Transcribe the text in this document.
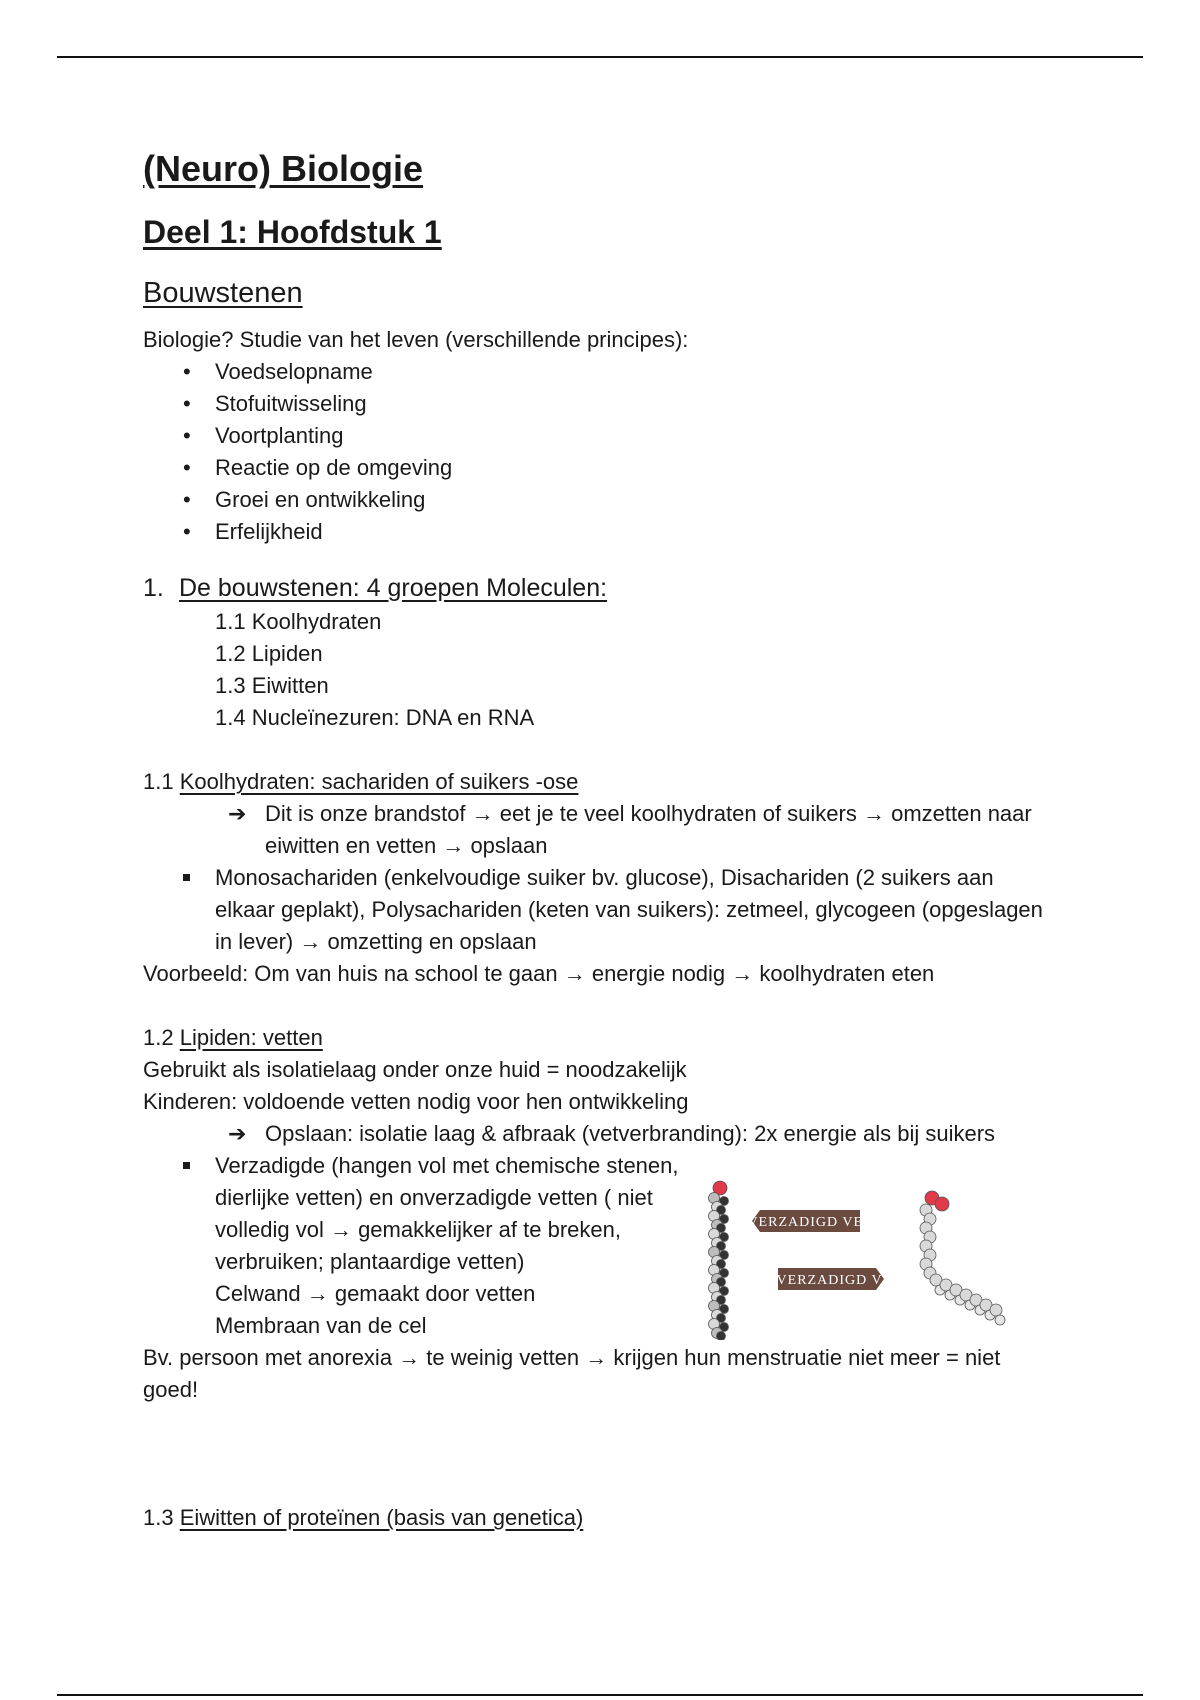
(Neuro) Biologie
Deel 1: Hoofdstuk 1
Bouwstenen

Biologie? Studie van het leven (verschillende principes):

• Voedselopname
• Stofuitwisseling
• Voortplanting
• Reactie op de omgeving
• Groei en ontwikkeling
• Erfelijkheid
1. De bouwstenen: 4 groepen Moleculen:
1.1 Koolhydraten
1.2 Lipiden
1.3 Eiwitten
1.4 Nucleïnezuren: DNA en RNA

1.1 Koolhydraten: sachariden of suikers -ose

➔ Dit is onze brandstof → eet je te veel koolhydraten of suikers → omzetten naar
eiwitten en vetten → opslaan
Monosachariden (enkelvoudige suiker bv. glucose), Disachariden (2 suikers aan
elkaar geplakt), Polysachariden (keten van suikers): zetmeel, glycogeen (opgeslagen
in lever) → omzetting en opslaan

Voorbeeld: Om van huis na school te gaan → energie nodig → koolhydraten eten

1.2 Lipiden: vetten

Gebruikt als isolatielaag onder onze huid = noodzakelijk

Kinderen: voldoende vetten nodig voor hen ontwikkeling

➔ Opslaan: isolatie laag & afbraak (vetverbranding): 2x energie als bij suikers
Verzadigde (hangen vol met chemische stenen,
dierlijke vetten) en onverzadigde vetten ( niet
volledig vol → gemakkelijker af te breken,
verbruiken; plantaardige vetten)
Celwand → gemaakt door vetten
Membraan van de cel

Bv. persoon met anorexia → te weinig vetten → krijgen hun menstruatie niet meer = niet

goed!

1.3 Eiwitten of proteïnen (basis van genetica)

VERZADIGD VET
ONVERZADIGD VET
